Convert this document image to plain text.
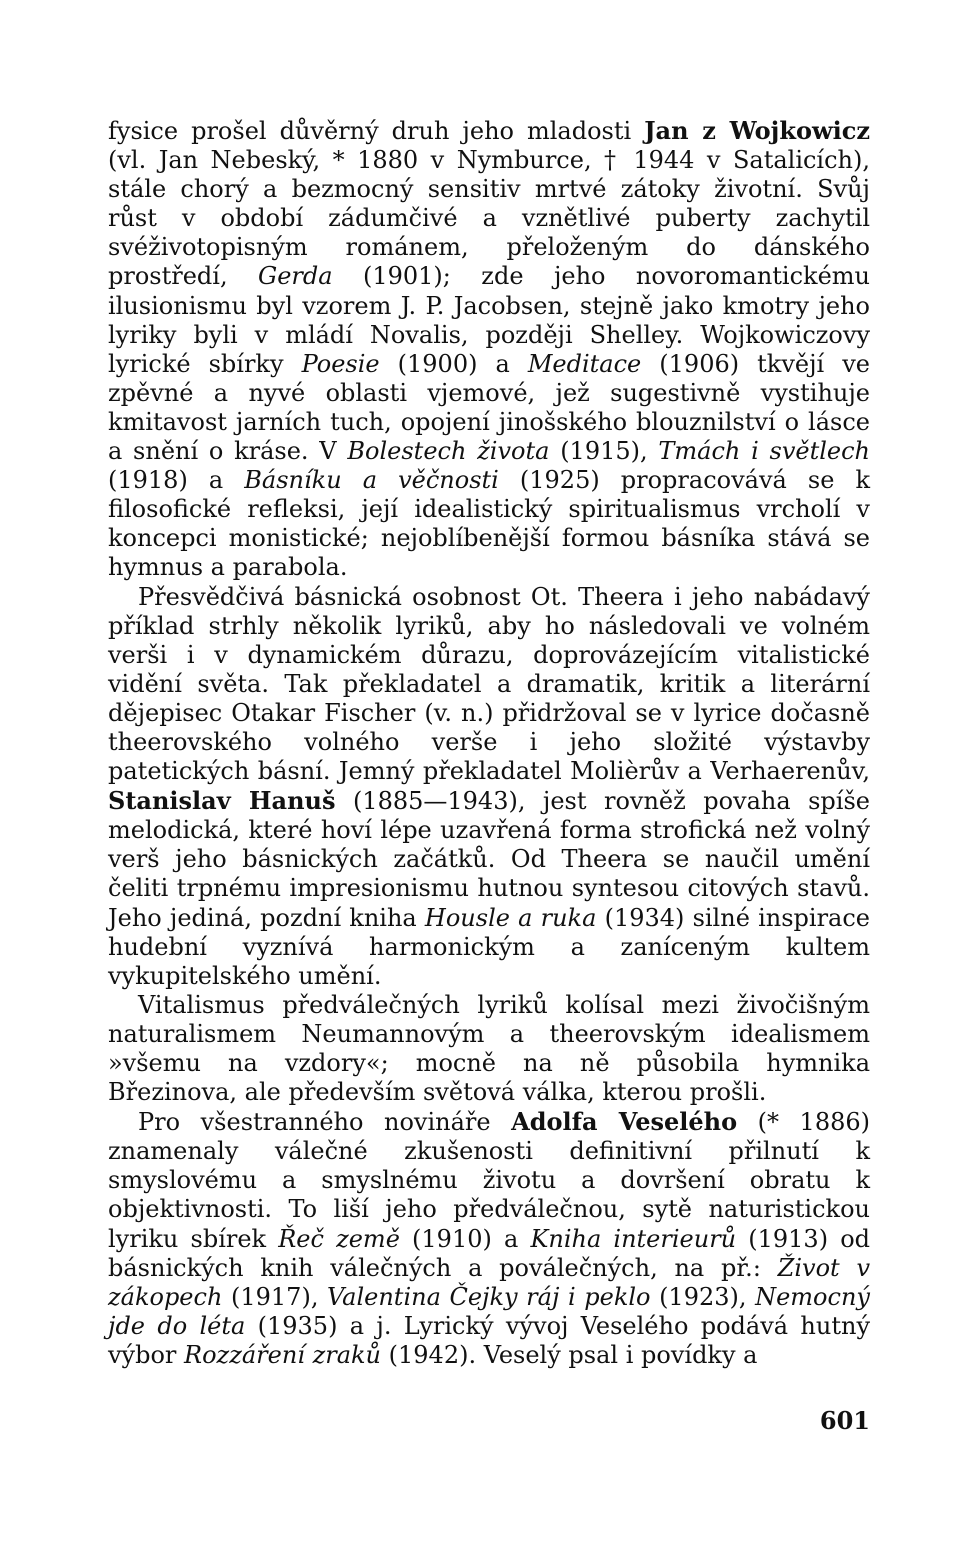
fysice prošel důvěrný druh jeho mladosti Jan z Wojkowicz (vl. Jan Nebeský, * 1880 v Nymburce, † 1944 v Satalicích), stále chorý a bezmocný sensitiv mrtvé zátoky životní. Svůj růst v období zádumčivé a vznětlivé puberty zachytil svéživotopisným románem, přeloženým do dánského prostředí, Gerda (1901); zde jeho novoromantickému ilusionismu byl vzorem J. P. Jacobsen, stejně jako kmotry jeho lyriky byli v mládí Novalis, později Shelley. Wojkowiczovy lyrické sbírky Poesie (1900) a Meditace (1906) tkvějí ve zpěvné a nyvé oblasti vjemové, jež sugestivně vystihuje kmitavost jarních tuch, opojení jinošského blouznilství o lásce a snění o kráse. V Bolestech života (1915), Tmách i světlech (1918) a Básníku a věčnosti (1925) propracovává se k filosofické refleksi, její idealistický spiritualismus vrcholí v koncepci monistické; nejoblíbenější formou básníka stává se hymnus a parabola.

Přesvědčivá básnická osobnost Ot. Theera i jeho nabádavý příklad strhly několik lyriků, aby ho následovali ve volném verši i v dynamickém důrazu, doprovázejícím vitalistické vidění světa. Tak překladatel a dramatik, kritik a literární dějepisec Otakar Fischer (v. n.) přidržoval se v lyrice dočasně theerovského volného verše i jeho složité výstavby patetických básní. Jemný překladatel Molièrův a Verhaerenův, Stanislav Hanuš (1885—1943), jest rovněž povaha spíše melodická, které hoví lépe uzavřená forma strofická než volný verš jeho básnických začátků. Od Theera se naučil umění čeliti trpnému impresionismu hutnou syntesou citových stavů. Jeho jediná, pozdní kniha Housle a ruka (1934) silné inspirace hudební vyznívá harmonickým a zaníceným kultem vykupitelského umění.

Vitalismus předválečných lyriků kolísal mezi živočišným naturalismem Neumannovým a theerovským idealismem »všemu na vzdory«; mocně na ně působila hymnika Březinova, ale především světová válka, kterou prošli.

Pro všestranného novináře Adolfa Veselého (* 1886) znamenaly válečné zkušenosti definitivní přilnutí k smyslovému a smyslnému životu a dovršení obratu k objektivnosti. To liší jeho předválečnou, sytě naturistickou lyriku sbírek Řeč země (1910) a Kniha interieurů (1913) od básnických knih válečných a poválečných, na př.: Život v zákopech (1917), Valentina Čejky ráj i peklo (1923), Nemocný jde do léta (1935) a j. Lyrický vývoj Veselého podává hutný výbor Rozzáření zraků (1942). Veselý psal i povídky a

601
